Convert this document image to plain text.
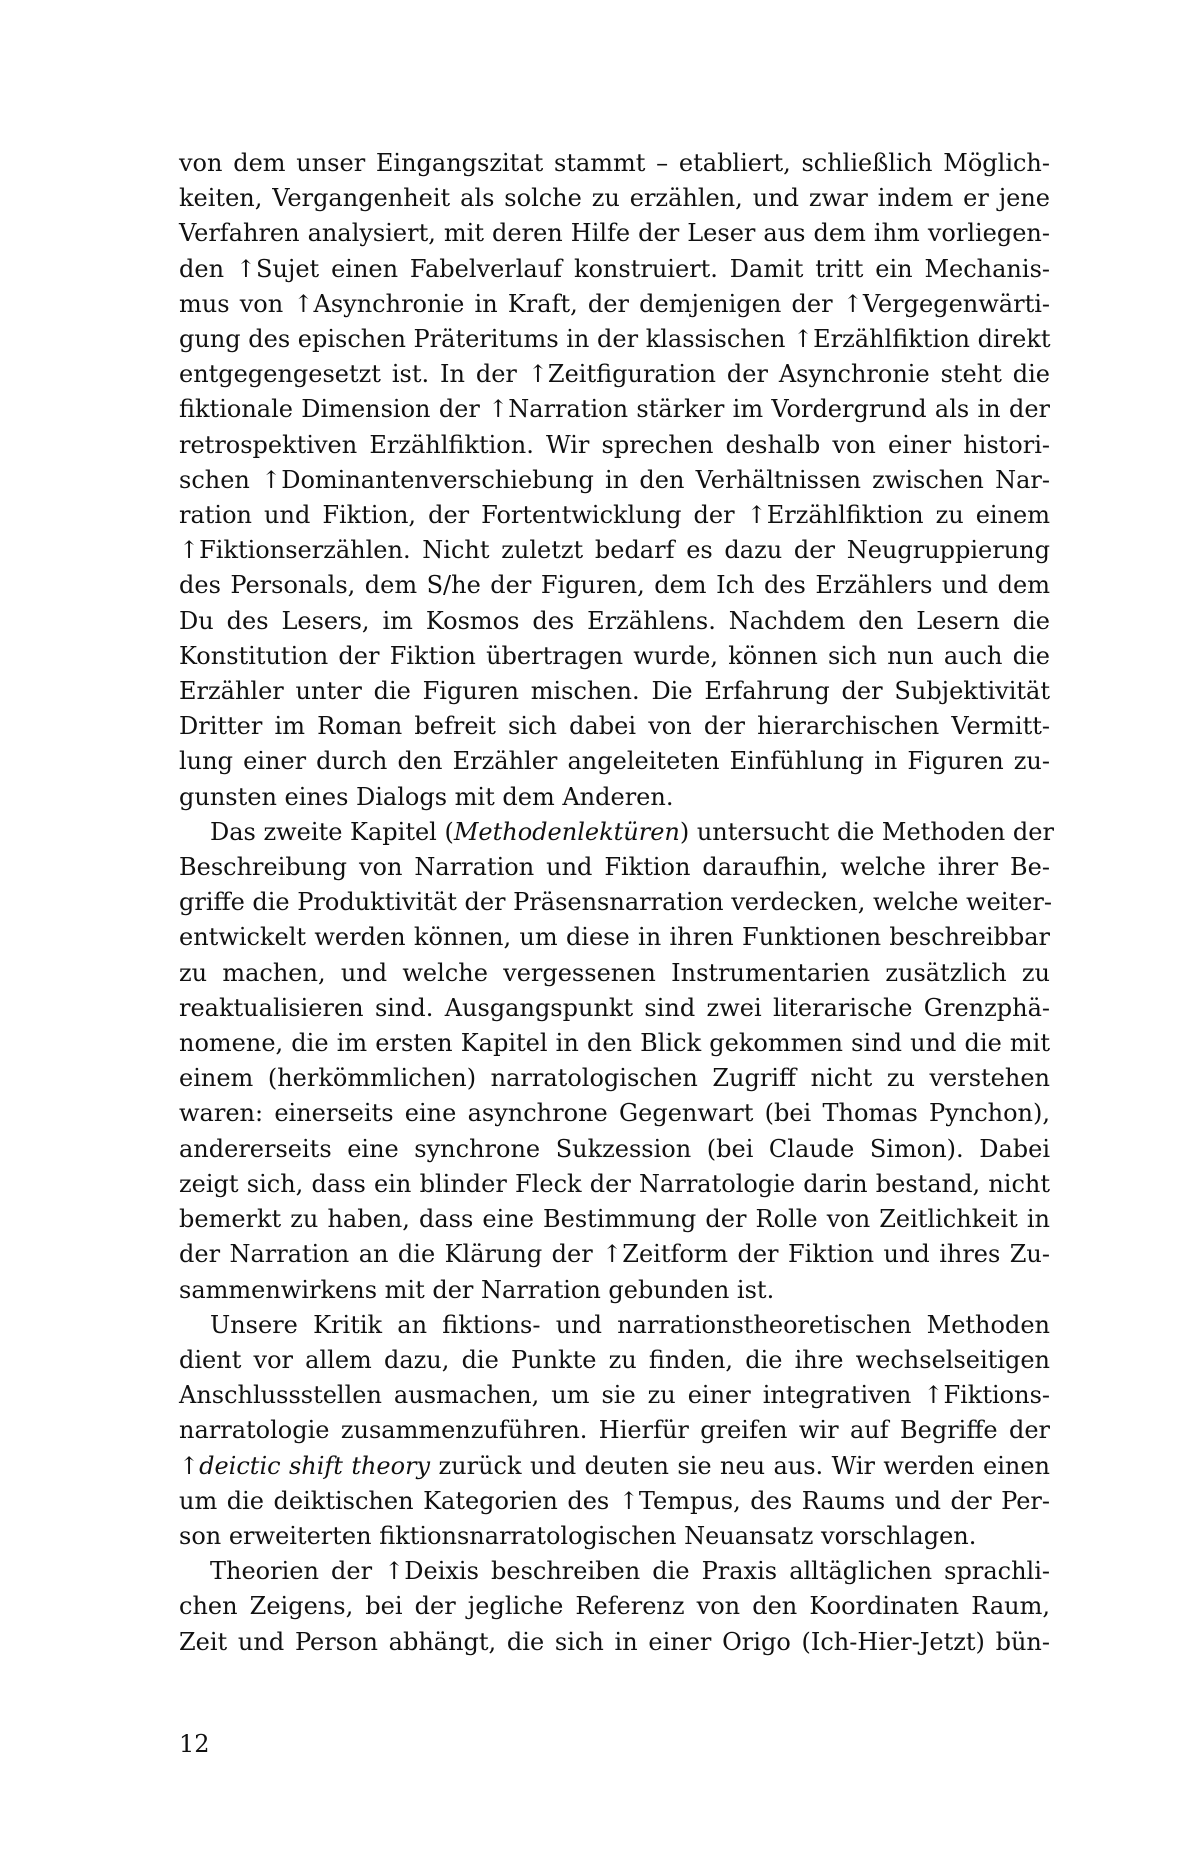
von dem unser Eingangszitat stammt – etabliert, schließlich Möglich-
keiten, Vergangenheit als solche zu erzählen, und zwar indem er jene
Verfahren analysiert, mit deren Hilfe der Leser aus dem ihm vorliegen-
den ↑Sujet einen Fabelverlauf konstruiert. Damit tritt ein Mechanis-
mus von ↑Asynchronie in Kraft, der demjenigen der ↑Vergegenwärti-
gung des epischen Präteritums in der klassischen ↑Erzählfiktion direkt
entgegengesetzt ist. In der ↑Zeitfiguration der Asynchronie steht die
fiktionale Dimension der ↑Narration stärker im Vordergrund als in der
retrospektiven Erzählfiktion. Wir sprechen deshalb von einer histori-
schen ↑Dominantenverschiebung in den Verhältnissen zwischen Nar-
ration und Fiktion, der Fortentwicklung der ↑Erzählfiktion zu einem
↑Fiktionserzählen. Nicht zuletzt bedarf es dazu der Neugruppierung
des Personals, dem S/he der Figuren, dem Ich des Erzählers und dem
Du des Lesers, im Kosmos des Erzählens. Nachdem den Lesern die
Konstitution der Fiktion übertragen wurde, können sich nun auch die
Erzähler unter die Figuren mischen. Die Erfahrung der Subjektivität
Dritter im Roman befreit sich dabei von der hierarchischen Vermitt-
lung einer durch den Erzähler angeleiteten Einfühlung in Figuren zu-
gunsten eines Dialogs mit dem Anderen.
Das zweite Kapitel (Methodenlektüren) untersucht die Methoden der
Beschreibung von Narration und Fiktion daraufhin, welche ihrer Be-
griffe die Produktivität der Präsensnarration verdecken, welche weiter-
entwickelt werden können, um diese in ihren Funktionen beschreibbar
zu machen, und welche vergessenen Instrumentarien zusätzlich zu
reaktualisieren sind. Ausgangspunkt sind zwei literarische Grenzphä-
nomene, die im ersten Kapitel in den Blick gekommen sind und die mit
einem (herkömmlichen) narratologischen Zugriff nicht zu verstehen
waren: einerseits eine asynchrone Gegenwart (bei Thomas Pynchon),
andererseits eine synchrone Sukzession (bei Claude Simon). Dabei
zeigt sich, dass ein blinder Fleck der Narratologie darin bestand, nicht
bemerkt zu haben, dass eine Bestimmung der Rolle von Zeitlichkeit in
der Narration an die Klärung der ↑Zeitform der Fiktion und ihres Zu-
sammenwirkens mit der Narration gebunden ist.
Unsere Kritik an fiktions- und narrationstheoretischen Methoden
dient vor allem dazu, die Punkte zu finden, die ihre wechselseitigen
Anschlussstellen ausmachen, um sie zu einer integrativen ↑Fiktions-
narratologie zusammenzuführen. Hierfür greifen wir auf Begriffe der
↑deictic shift theory zurück und deuten sie neu aus. Wir werden einen
um die deiktischen Kategorien des ↑Tempus, des Raums und der Per-
son erweiterten fiktionsnarratologischen Neuansatz vorschlagen.
Theorien der ↑Deixis beschreiben die Praxis alltäglichen sprachli-
chen Zeigens, bei der jegliche Referenz von den Koordinaten Raum,
Zeit und Person abhängt, die sich in einer Origo (Ich-Hier-Jetzt) bün-
12
